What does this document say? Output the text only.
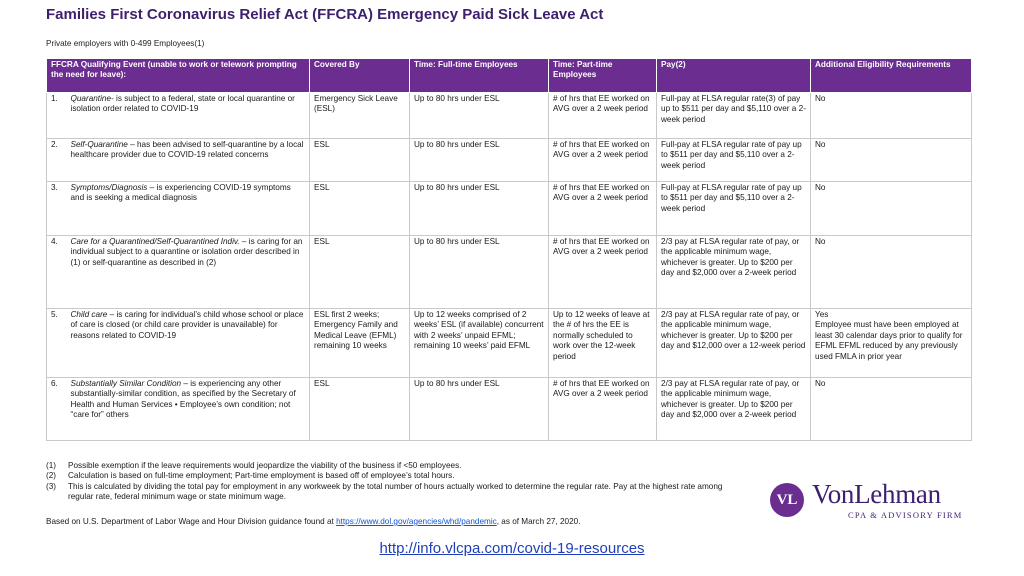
Families First Coronavirus Relief Act (FFCRA) Emergency Paid Sick Leave Act
Private employers with 0-499 Employees(1)
FFCRA Qualifying Event (unable to work or telework prompting the need for leave):		Covered By	Time: Full-time Employees	Time: Part-time Employees	Pay(2)	Additional Eligibility Requirements
1.	Quarantine- is subject to a federal, state or local quarantine or isolation order related to COVID-19	Emergency Sick Leave (ESL)	Up to 80 hrs under ESL	# of hrs that EE worked on AVG over a 2 week period	Full-pay at FLSA regular rate(3) of pay up to $511 per day and $5,110 over a 2-week period	No
2.	Self-Quarantine – has been advised to self-quarantine by a local healthcare provider due to COVID-19 related concerns	ESL	Up to 80 hrs under ESL	# of hrs that EE worked on AVG over a 2 week period	Full-pay at FLSA regular rate of pay up to $511 per day and $5,110 over a 2-week period	No
3.	Symptoms/Diagnosis – is experiencing COVID-19 symptoms and is seeking a medical diagnosis	ESL	Up to 80 hrs under ESL	# of hrs that EE worked on AVG over a 2 week period	Full-pay at FLSA regular rate of pay up to $511 per day and $5,110 over a 2-week period	No
4.	Care for a Quarantined/Self-Quarantined Indiv. – is caring for an individual subject to a quarantine or isolation order described in (1) or self-quarantine as described in (2)	ESL	Up to 80 hrs under ESL	# of hrs that EE worked on AVG over a 2 week period	2/3 pay at FLSA regular rate of pay, or the applicable minimum wage, whichever is greater. Up to $200 per day and $2,000 over a 2-week period	No
5.	Child care – is caring for individual’s child whose school or place of care is closed (or child care provider is unavailable) for reasons related to COVID-19	ESL first 2 weeks; Emergency Family and Medical Leave (EFML) remaining 10 weeks	Up to 12 weeks comprised of 2 weeks’ ESL (if available) concurrent with 2 weeks’ unpaid EFML; remaining 10 weeks’ paid EFML	Up to 12 weeks of leave at the # of hrs the EE is normally scheduled to work over the 12-week period	2/3 pay at FLSA regular rate of pay, or the applicable minimum wage, whichever is greater. Up to $200 per day and $12,000 over a 12-week period	Yes
Employee must have been employed at least 30 calendar days prior to qualify for EFML EFML reduced by any previously used FMLA in prior year
6.	Substantially Similar Condition – is experiencing any other substantially-similar condition, as specified by the Secretary of Health and Human Services • Employee’s own condition; not “care for” others	ESL	Up to 80 hrs under ESL	# of hrs that EE worked on AVG over a 2 week period	2/3 pay at FLSA regular rate of pay, or the applicable minimum wage, whichever is greater. Up to $200 per day and $2,000 over a 2-week period	No
(1)	Possible exemption if the leave requirements would jeopardize the viability of the business if <50 employees.
(2)	Calculation is based on full-time employment; Part-time employment is based off of employee’s total hours.
(3)	This is calculated by dividing the total pay for employment in any workweek by the total number of hours actually worked to determine the regular rate. Pay at the highest rate among regular rate, federal minimum wage or state minimum wage.
Based on U.S. Department of Labor Wage and Hour Division guidance found at https://www.dol.gov/agencies/whd/pandemic, as of March 27, 2020.
VL VonLehman
CPA & ADVISORY FIRM
http://info.vlcpa.com/covid-19-resources
